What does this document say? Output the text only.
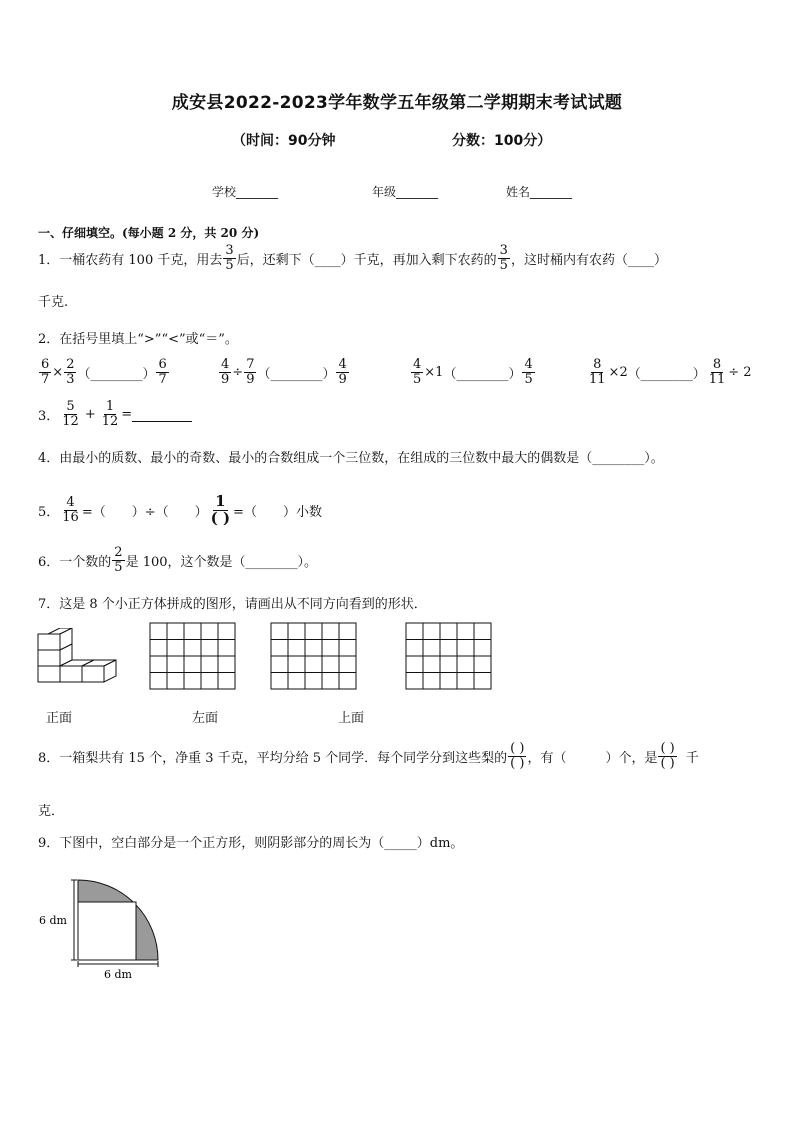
成安县2022-2023学年数学五年级第二学期期末考试试题
（时间：90分钟	分数：100分）
学校_______	年级_______	姓名_______
一、仔细填空。(每小题 2 分，共 20 分)
1．一桶农药有 100 千克，用去 $\frac{3}{5}$ 后，还剩下（____）千克，再加入剩下农药的 $\frac{3}{5}$ ，这时桶内有农药（____）
千克.
2．在括号里填上“>”“<”或“＝”。
$\frac{6}{7} \times \frac{2}{3}$ （________） $\frac{6}{7}$	$\frac{4}{9} \div \frac{7}{9}$ （________） $\frac{4}{9}$	$\frac{4}{5} \times 1$ （________） $\frac{4}{5}$	$\frac{8}{11} \times 2$ （________） $\frac{8}{11} \div 2$
3． $\frac{5}{12} + \frac{1}{12}$ =
4．由最小的质数、最小的奇数、最小的合数组成一个三位数，在组成的三位数中最大的偶数是（________）。
5． $\frac{4}{16}$ =（　　）÷（　　） $\frac{1}{( )}$ =（　　）小数
6．一个数的 $\frac{2}{5}$ 是 100，这个数是（________）。
7．这是 8 个小正方体拼成的图形，请画出从不同方向看到的形状．
正面	左面	上面
8．一箱梨共有 15 个，净重 3 千克，平均分给 5 个同学．每个同学分到这些梨的 $\frac{( )}{( )}$ ，有（　　　）个，是 $\frac{( )}{( )}$ 千
克．
9．下图中，空白部分是一个正方形，则阴影部分的周长为（_____）dm。
6 dm
6 dm
